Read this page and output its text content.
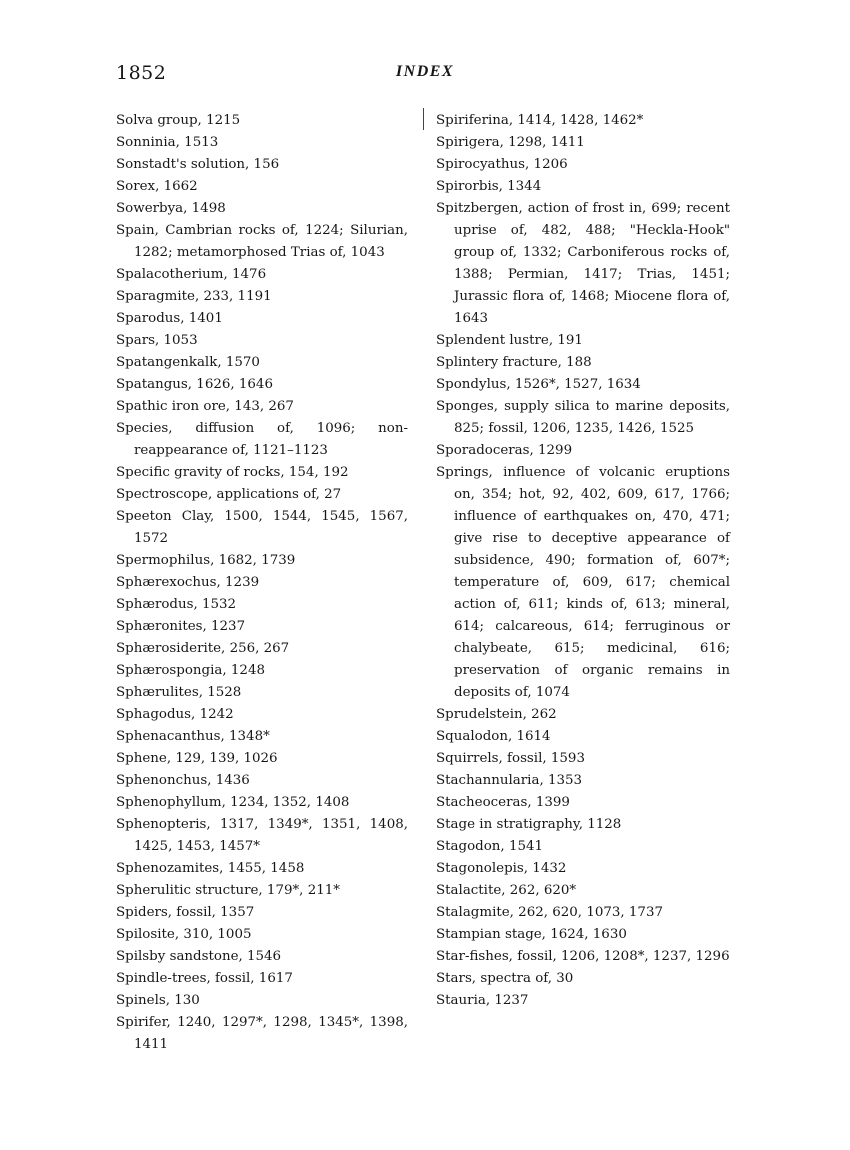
1852	INDEX
Solva group, 1215
Sonninia, 1513
Sonstadt's solution, 156
Sorex, 1662
Sowerbya, 1498
Spain, Cambrian rocks of, 1224; Silurian, 1282; metamorphosed Trias of, 1043
Spalacotherium, 1476
Sparagmite, 233, 1191
Sparodus, 1401
Spars, 1053
Spatangenkalk, 1570
Spatangus, 1626, 1646
Spathic iron ore, 143, 267
Species, diffusion of, 1096; non-reappearance of, 1121–1123
Specific gravity of rocks, 154, 192
Spectroscope, applications of, 27
Speeton Clay, 1500, 1544, 1545, 1567, 1572
Spermophilus, 1682, 1739
Sphærexochus, 1239
Sphærodus, 1532
Sphæronites, 1237
Sphærosiderite, 256, 267
Sphærospongia, 1248
Sphærulites, 1528
Sphagodus, 1242
Sphenacanthus, 1348*
Sphene, 129, 139, 1026
Sphenonchus, 1436
Sphenophyllum, 1234, 1352, 1408
Sphenopteris, 1317, 1349*, 1351, 1408, 1425, 1453, 1457*
Sphenozamites, 1455, 1458
Spherulitic structure, 179*, 211*
Spiders, fossil, 1357
Spilosite, 310, 1005
Spilsby sandstone, 1546
Spindle-trees, fossil, 1617
Spinels, 130
Spirifer, 1240, 1297*, 1298, 1345*, 1398, 1411
Spiriferina, 1414, 1428, 1462*
Spirigera, 1298, 1411
Spirocyathus, 1206
Spirorbis, 1344
Spitzbergen, action of frost in, 699; recent uprise of, 482, 488; "Heckla-Hook" group of, 1332; Carboniferous rocks of, 1388; Permian, 1417; Trias, 1451; Jurassic flora of, 1468; Miocene flora of, 1643
Splendent lustre, 191
Splintery fracture, 188
Spondylus, 1526*, 1527, 1634
Sponges, supply silica to marine deposits, 825; fossil, 1206, 1235, 1426, 1525
Sporadoceras, 1299
Springs, influence of volcanic eruptions on, 354; hot, 92, 402, 609, 617, 1766; influence of earthquakes on, 470, 471; give rise to deceptive appearance of subsidence, 490; formation of, 607*; temperature of, 609, 617; chemical action of, 611; kinds of, 613; mineral, 614; calcareous, 614; ferruginous or chalybeate, 615; medicinal, 616; preservation of organic remains in deposits of, 1074
Sprudelstein, 262
Squalodon, 1614
Squirrels, fossil, 1593
Stachannularia, 1353
Stacheoceras, 1399
Stage in stratigraphy, 1128
Stagodon, 1541
Stagonolepis, 1432
Stalactite, 262, 620*
Stalagmite, 262, 620, 1073, 1737
Stampian stage, 1624, 1630
Star-fishes, fossil, 1206, 1208*, 1237, 1296
Stars, spectra of, 30
Stauria, 1237
